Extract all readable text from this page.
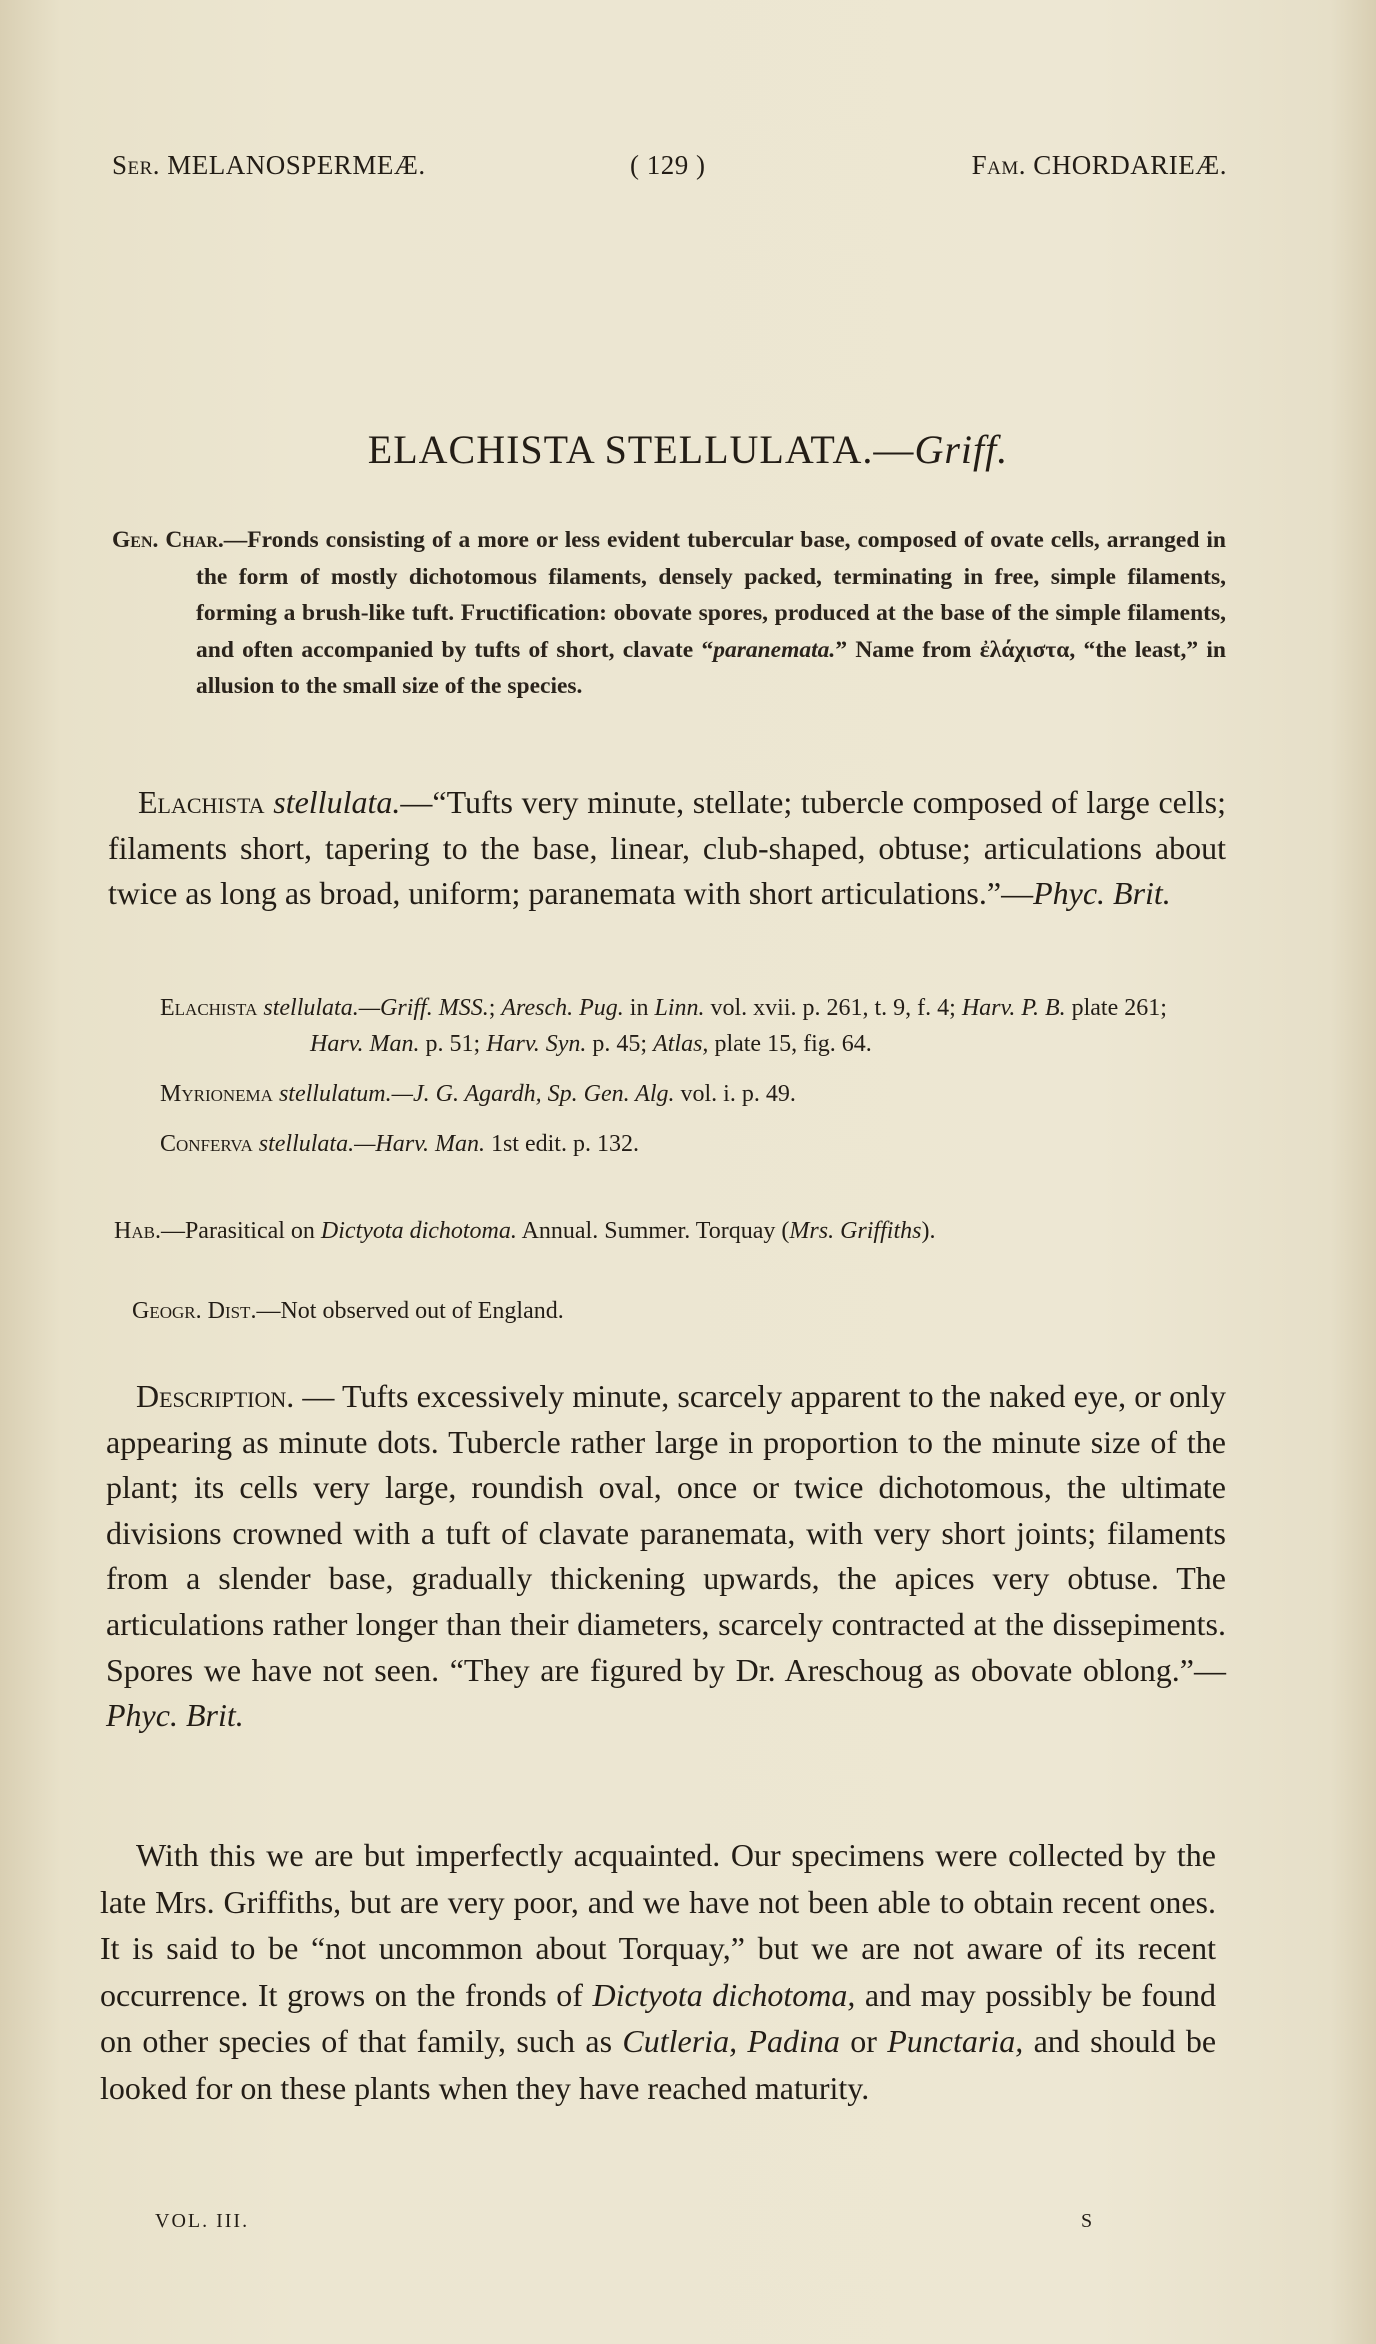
Ser. MELANOSPERMEÆ.	( 129 )	Fam. CHORDARIEÆ.
ELACHISTA STELLULATA.—Griff.
Gen. Char.—Fronds consisting of a more or less evident tubercular base, composed of ovate cells, arranged in the form of mostly dichotomous filaments, densely packed, terminating in free, simple filaments, forming a brush-like tuft. Fructification: obovate spores, produced at the base of the simple filaments, and often accompanied by tufts of short, clavate “paranemata.” Name from ἐλάχιστα, “the least,” in allusion to the small size of the species.

Elachista stellulata.—“Tufts very minute, stellate; tubercle composed of large cells; filaments short, tapering to the base, linear, club-shaped, obtuse; articulations about twice as long as broad, uniform; paranemata with short articulations.”—Phyc. Brit.

Elachista stellulata.—Griff. MSS.; Aresch. Pug. in Linn. vol. xvii. p. 261, t. 9, f. 4; Harv. P. B. plate 261; Harv. Man. p. 51; Harv. Syn. p. 45; Atlas, plate 15, fig. 64.
Myrionema stellulatum.—J. G. Agardh, Sp. Gen. Alg. vol. i. p. 49.
Conferva stellulata.—Harv. Man. 1st edit. p. 132.
Hab.—Parasitical on Dictyota dichotoma. Annual. Summer. Torquay (Mrs. Griffiths).
Geogr. Dist.—Not observed out of England.

Description. — Tufts excessively minute, scarcely apparent to the naked eye, or only appearing as minute dots. Tubercle rather large in proportion to the minute size of the plant; its cells very large, roundish oval, once or twice dichotomous, the ultimate divisions crowned with a tuft of clavate paranemata, with very short joints; filaments from a slender base, gradually thickening upwards, the apices very obtuse. The articulations rather longer than their diameters, scarcely contracted at the dissepiments. Spores we have not seen. “They are figured by Dr. Areschoug as obovate oblong.”—Phyc. Brit.

With this we are but imperfectly acquainted. Our specimens were collected by the late Mrs. Griffiths, but are very poor, and we have not been able to obtain recent ones. It is said to be “not uncommon about Torquay,” but we are not aware of its recent occurrence. It grows on the fronds of Dictyota dichotoma, and may possibly be found on other species of that family, such as Cutleria, Padina or Punctaria, and should be looked for on these plants when they have reached maturity.

VOL. III.	S
